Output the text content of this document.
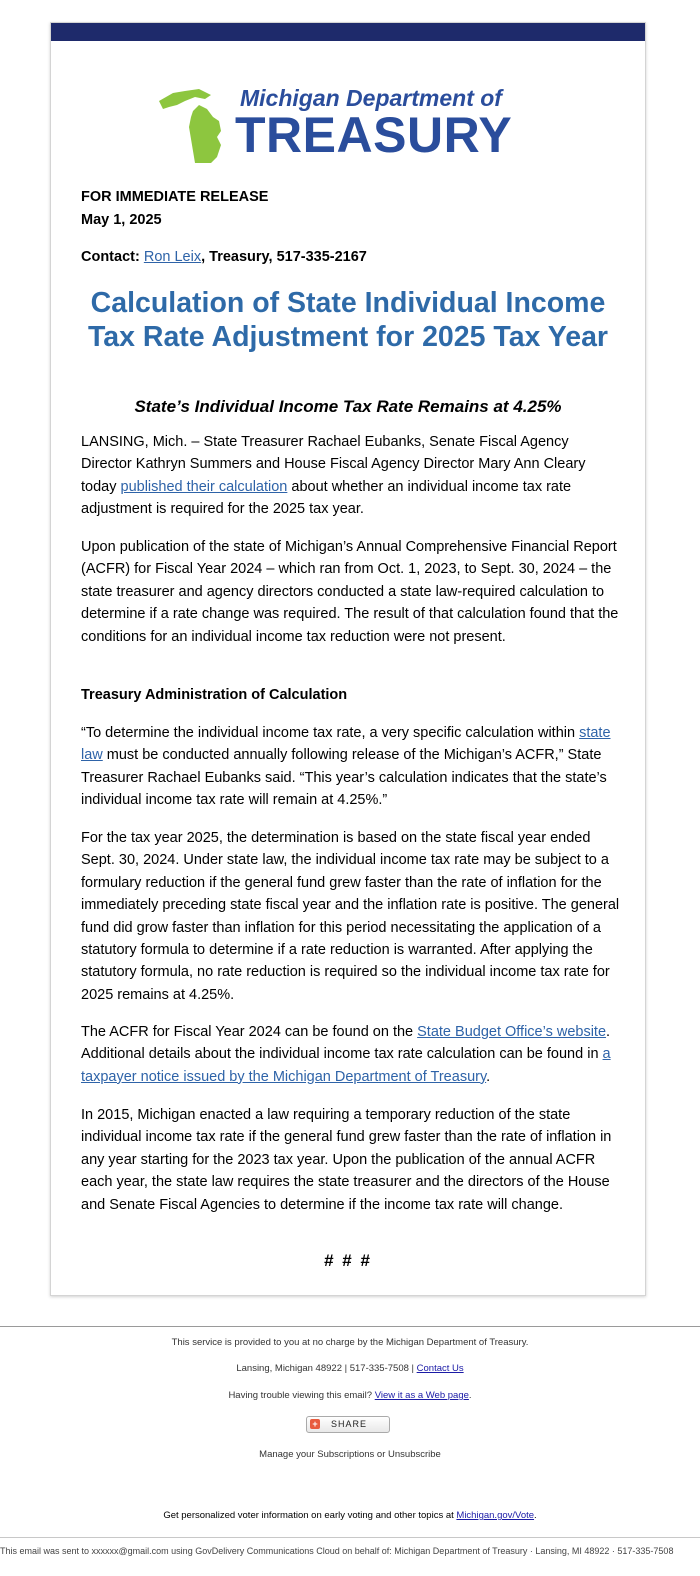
Michigan Department of
TREASURY
FOR IMMEDIATE RELEASE
May 1, 2025
Contact: Ron Leix, Treasury, 517-335-2167
Calculation of State Individual Income Tax Rate Adjustment for 2025 Tax Year
State’s Individual Income Tax Rate Remains at 4.25%
LANSING, Mich. – State Treasurer Rachael Eubanks, Senate Fiscal Agency Director Kathryn Summers and House Fiscal Agency Director Mary Ann Cleary today published their calculation about whether an individual income tax rate adjustment is required for the 2025 tax year.
Upon publication of the state of Michigan’s Annual Comprehensive Financial Report (ACFR) for Fiscal Year 2024 – which ran from Oct. 1, 2023, to Sept. 30, 2024 – the state treasurer and agency directors conducted a state law-required calculation to determine if a rate change was required. The result of that calculation found that the conditions for an individual income tax reduction were not present.
Treasury Administration of Calculation
“To determine the individual income tax rate, a very specific calculation within state law must be conducted annually following release of the Michigan’s ACFR,” State Treasurer Rachael Eubanks said. “This year’s calculation indicates that the state’s individual income tax rate will remain at 4.25%.”
For the tax year 2025, the determination is based on the state fiscal year ended Sept. 30, 2024. Under state law, the individual income tax rate may be subject to a formulary reduction if the general fund grew faster than the rate of inflation for the immediately preceding state fiscal year and the inflation rate is positive. The general fund did grow faster than inflation for this period necessitating the application of a statutory formula to determine if a rate reduction is warranted. After applying the statutory formula, no rate reduction is required so the individual income tax rate for 2025 remains at 4.25%.
The ACFR for Fiscal Year 2024 can be found on the State Budget Office’s website. Additional details about the individual income tax rate calculation can be found in a taxpayer notice issued by the Michigan Department of Treasury.
In 2015, Michigan enacted a law requiring a temporary reduction of the state individual income tax rate if the general fund grew faster than the rate of inflation in any year starting for the 2023 tax year. Upon the publication of the annual ACFR each year, the state law requires the state treasurer and the directors of the House and Senate Fiscal Agencies to determine if the income tax rate will change.
# # #
This service is provided to you at no charge by the Michigan Department of Treasury.
Lansing, Michigan 48922 | 517-335-7508 | Contact Us
Having trouble viewing this email? View it as a Web page.
+ SHARE
Manage your Subscriptions or Unsubscribe
Get personalized voter information on early voting and other topics at Michigan.gov/Vote.
This email was sent to xxxxxx@gmail.com using GovDelivery Communications Cloud on behalf of: Michigan Department of Treasury · Lansing, MI 48922 · 517-335-7508
